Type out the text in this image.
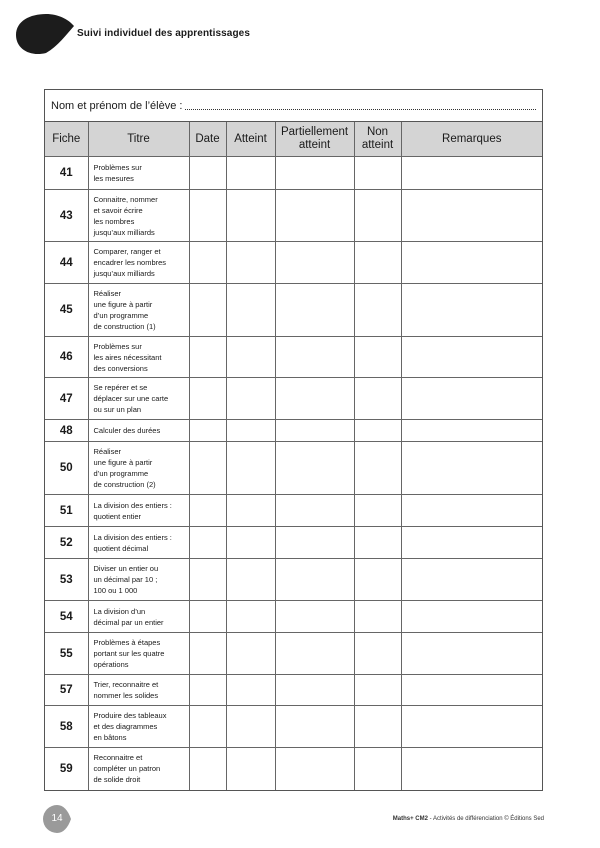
Suivi individuel des apprentissages
Nom et prénom de l’élève :
Fiche	Titre	Date	Atteint	Partiellement atteint	Non atteint	Remarques
41	Problèmes sur
les mesures					

43	Connaitre, nommer
et savoir écrire
les nombres
jusqu’aux milliards					

44	Comparer, ranger et
encadrer les nombres
jusqu’aux milliards					

45	Réaliser
une figure à partir
d’un programme
de construction (1)					

46	Problèmes sur
les aires nécessitant
des conversions					

47	Se repérer et se
déplacer sur une carte
ou sur un plan					

48	Calculer des durées					

50	Réaliser
une figure à partir
d’un programme
de construction (2)					

51	La division des entiers :
quotient entier					

52	La division des entiers :
quotient décimal					

53	Diviser un entier ou
un décimal par 10 ;
100 ou 1 000					

54	La division d’un
décimal par un entier					

55	Problèmes à étapes
portant sur les quatre
opérations					

57	Trier, reconnaitre et
nommer les solides					

58	Produire des tableaux
et des diagrammes
en bâtons					

59	Reconnaitre et
compléter un patron
de solide droit					

14	Maths+ CM2 - Activités de différenciation © Éditions Sed
